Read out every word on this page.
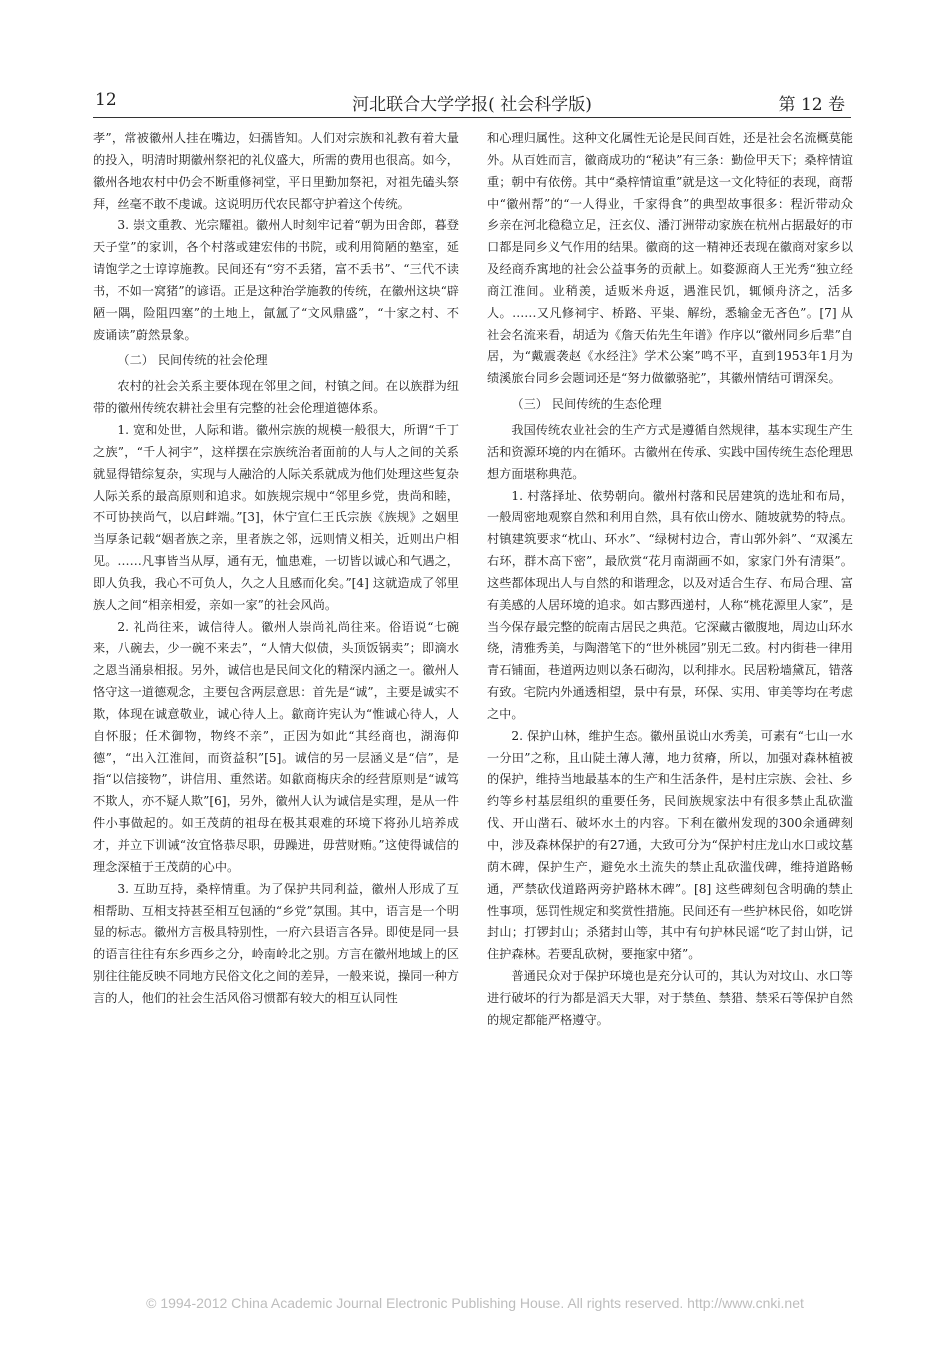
12	河北联合大学学报( 社会科学版)	第 12 卷

孝”，常被徽州人挂在嘴边，妇孺皆知。人们对宗族和礼教有着大量的投入，明清时期徽州祭祀的礼仪盛大，所需的费用也很高。如今，徽州各地农村中仍会不断重修祠堂，平日里勤加祭祀，对祖先磕头祭拜，丝毫不敢不虔诚。这说明历代农民都守护着这个传统。

3. 崇文重教、光宗耀祖。徽州人时刻牢记着“朝为田舍郎，暮登天子堂”的家训，各个村落或建宏伟的书院，或利用简陋的塾室，延请饱学之士谆谆施教。民间还有“穷不丢猪，富不丢书”、“三代不读书，不如一窝猪”的谚语。正是这种治学施教的传统，在徽州这块“辟陋一隅，险阻四塞”的土地上，氤氲了“文风鼎盛”，“十家之村、不废诵读”蔚然景象。

（二） 民间传统的社会伦理

农村的社会关系主要体现在邻里之间，村镇之间。在以族群为纽带的徽州传统农耕社会里有完整的社会伦理道德体系。

1. 宽和处世，人际和谐。徽州宗族的规模一般很大，所谓“千丁之族”，“千人祠宇”，这样摆在宗族统治者面前的人与人之间的关系就显得错综复杂，实现与人融洽的人际关系就成为他们处理这些复杂人际关系的最高原则和追求。如族规宗规中“邻里乡党，贵尚和睦，不可协挟尚气，以启衅端。”[3]，休宁宣仁王氏宗族《族规》之姻里当厚条记载“姻者族之亲，里者族之邻，远则情义相关，近则出户相见。……凡事皆当从厚，通有无，恤患难，一切皆以诚心和气遇之，即人负我，我心不可负人，久之人且感而化矣。”[4] 这就造成了邻里族人之间“相亲相爱，亲如一家”的社会风尚。

2. 礼尚往来，诚信待人。徽州人崇尚礼尚往来。俗语说“七碗来，八碗去，少一碗不来去”，“人情大似债，头顶饭锅卖”；即滴水之恩当涌泉相报。另外，诚信也是民间文化的精深内涵之一。徽州人恪守这一道德观念，主要包含两层意思：首先是“诚”，主要是诚实不欺，体现在诚意敬业，诚心待人上。歙商许宪认为“惟诚心待人，人自怀服；任术御物，物终不亲”，正因为如此“其经商也，湖海仰德”，“出入江淮间，而资益积”[5]。诚信的另一层涵义是“信”，是指“以信接物”，讲信用、重然诺。如歙商梅庆余的经营原则是“诚笃不欺人，亦不疑人欺”[6]，另外，徽州人认为诚信是实理，是从一件件小事做起的。如王茂荫的祖母在极其艰难的环境下将孙儿培养成才，并立下训诫“汝宜恪恭尽职，毋躁进，毋营财贿。”这使得诚信的理念深植于王茂荫的心中。

3. 互助互持，桑梓情重。为了保护共同利益，徽州人形成了互相帮助、互相支持甚至相互包涵的“乡党”氛围。其中，语言是一个明显的标志。徽州方言极具特别性，一府六县语言各异。即使是同一县的语言往往有东乡西乡之分，岭南岭北之别。方言在徽州地域上的区别往往能反映不同地方民俗文化之间的差异，一般来说，操同一种方言的人，他们的社会生活风俗习惯都有较大的相互认同性

和心理归属性。这种文化属性无论是民间百姓，还是社会名流概莫能外。从百姓而言，徽商成功的“秘诀”有三条：勤俭甲天下；桑梓情谊重；朝中有依傍。其中“桑梓情谊重”就是这一文化特征的表现，商帮中“徽州帮”的“一人得业，千家得食”的典型故事很多：程沂带动众乡亲在河北稳稳立足，汪玄仪、潘汀洲带动家族在杭州占据最好的市口都是同乡义气作用的结果。徽商的这一精神还表现在徽商对家乡以及经商乔寓地的社会公益事务的贡献上。如婺源商人王光秀“独立经商江淮间。业稍羡，适贩米舟返，遇淮民饥，辄倾舟济之，活多人。……又凡修祠宇、桥路、平粜、解纷，悉输金无吝色”。[7] 从社会名流来看，胡适为《詹天佑先生年谱》作序以“徽州同乡后辈”自居，为“戴震袭赵《水经注》学术公案”鸣不平，直到1953年1月为绩溪旅台同乡会题词还是“努力做徽骆驼”，其徽州情结可谓深矣。

（三） 民间传统的生态伦理

我国传统农业社会的生产方式是遵循自然规律，基本实现生产生活和资源环境的内在循环。古徽州在传承、实践中国传统生态伦理思想方面堪称典范。

1. 村落择址、依势朝向。徽州村落和民居建筑的选址和布局，一般周密地观察自然和利用自然，具有依山傍水、随坡就势的特点。村镇建筑要求“枕山、环水”、“绿树村边合，青山郭外斜”、“双溪左右环，群木高下密”，最欣赏“花月南湖画不如，家家门外有清渠”。这些都体现出人与自然的和谐理念，以及对适合生存、布局合理、富有美感的人居环境的追求。如古黟西递村，人称“桃花源里人家”，是当今保存最完整的皖南古居民之典范。它深藏古徽腹地，周边山环水绕，清雅秀美，与陶潜笔下的“世外桃园”别无二致。村内街巷一律用青石铺面，巷道两边则以条石砌沟，以利排水。民居粉墙黛瓦，错落有致。宅院内外通透相望，景中有景，环保、实用、审美等均在考虑之中。

2. 保护山林，维护生态。徽州虽说山水秀美，可素有“七山一水一分田”之称，且山陡土薄人薄，地力贫瘠，所以，加强对森林植被的保护，维持当地最基本的生产和生活条件，是村庄宗族、会社、乡约等乡村基层组织的重要任务，民间族规家法中有很多禁止乱砍滥伐、开山凿石、破坏水土的内容。下利在徽州发现的300余通碑刻中，涉及森林保护的有27通，大致可分为“保护村庄龙山水口或坟墓荫木碑，保护生产，避免水土流失的禁止乱砍滥伐碑，维持道路畅通，严禁砍伐道路两旁护路林木碑”。[8] 这些碑刻包含明确的禁止性事项，惩罚性规定和奖赏性措施。民间还有一些护林民俗，如吃饼封山；打锣封山；杀猪封山等，其中有句护林民谣“吃了封山饼，记住护森林。若要乱砍树，要拖家中猪”。

普通民众对于保护环境也是充分认可的，其认为对坟山、水口等进行破坏的行为都是滔天大罪，对于禁鱼、禁猎、禁采石等保护自然的规定都能严格遵守。

© 1994-2012 China Academic Journal Electronic Publishing House. All rights reserved. http://www.cnki.net
